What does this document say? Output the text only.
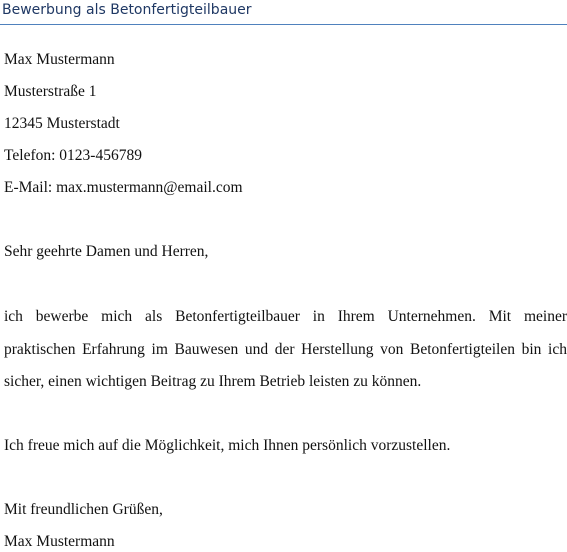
Bewerbung als Betonfertigteilbauer
Max Mustermann
Musterstraße 1
12345 Musterstadt
Telefon: 0123-456789
E-Mail: max.mustermann@email.com
Sehr geehrte Damen und Herren,
ich bewerbe mich als Betonfertigteilbauer in Ihrem Unternehmen. Mit meiner
praktischen Erfahrung im Bauwesen und der Herstellung von Betonfertigteilen bin ich
sicher, einen wichtigen Beitrag zu Ihrem Betrieb leisten zu können.
Ich freue mich auf die Möglichkeit, mich Ihnen persönlich vorzustellen.
Mit freundlichen Grüßen,
Max Mustermann
